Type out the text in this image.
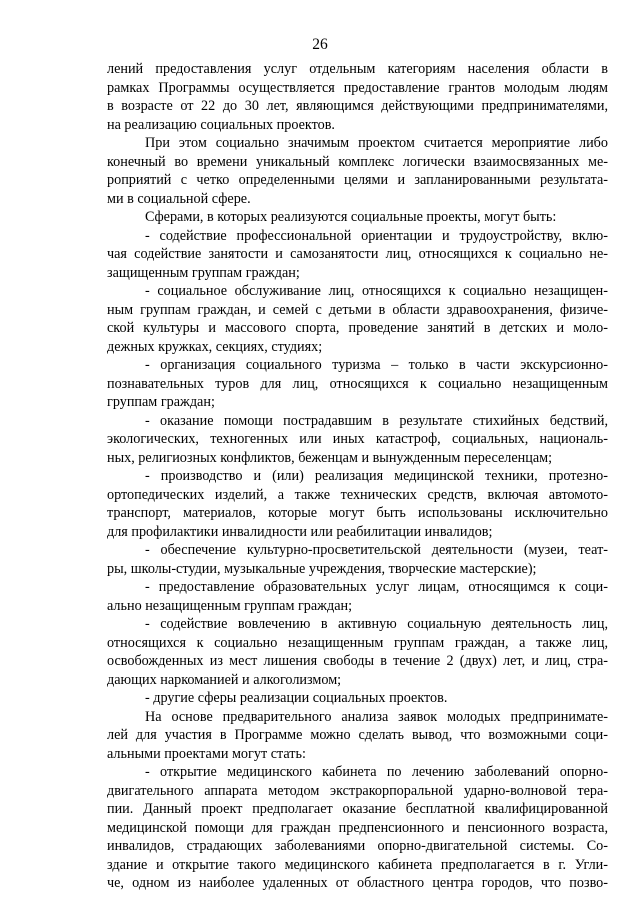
26

лений предоставления услуг отдельным категориям населения области в

рамках Программы осуществляется предоставление грантов молодым людям

в возрасте от 22 до 30 лет, являющимся действующими предпринимателями,

на реализацию социальных проектов.

При этом социально значимым проектом считается мероприятие либо

конечный во времени уникальный комплекс логически взаимосвязанных ме-

роприятий с четко определенными целями и запланированными результата-

ми в социальной сфере.

Сферами, в которых реализуются социальные проекты, могут быть:

- содействие профессиональной ориентации и трудоустройству, вклю-

чая содействие занятости и самозанятости лиц, относящихся к социально не-

защищенным группам граждан;

- социальное обслуживание лиц, относящихся к социально незащищен-

ным группам граждан, и семей с детьми в области здравоохранения, физиче-

ской культуры и массового спорта, проведение занятий в детских и моло-

дежных кружках, секциях, студиях;

- организация социального туризма – только в части экскурсионно-

познавательных туров для лиц, относящихся к социально незащищенным

группам граждан;

- оказание помощи пострадавшим в результате стихийных бедствий,

экологических, техногенных или иных катастроф, социальных, националь-

ных, религиозных конфликтов, беженцам и вынужденным переселенцам;

- производство и (или) реализация медицинской техники, протезно-

ортопедических изделий, а также технических средств, включая автомото-

транспорт, материалов, которые могут быть использованы исключительно

для профилактики инвалидности или реабилитации инвалидов;

- обеспечение культурно-просветительской деятельности (музеи, теат-

ры, школы-студии, музыкальные учреждения, творческие мастерские);

- предоставление образовательных услуг лицам, относящимся к соци-

ально незащищенным группам граждан;

- содействие вовлечению в активную социальную деятельность лиц,

относящихся к социально незащищенным группам граждан, а также лиц,

освобожденных из мест лишения свободы в течение 2 (двух) лет, и лиц, стра-

дающих наркоманией и алкоголизмом;

- другие сферы реализации социальных проектов.

На основе предварительного анализа заявок молодых предпринимате-

лей для участия в Программе можно сделать вывод, что возможными соци-

альными проектами могут стать:

- открытие медицинского кабинета по лечению заболеваний опорно-

двигательного аппарата методом экстракорпоральной ударно-волновой тера-

пии. Данный проект предполагает оказание бесплатной квалифицированной

медицинской помощи для граждан предпенсионного и пенсионного возраста,

инвалидов, страдающих заболеваниями опорно-двигательной системы. Со-

здание и открытие такого медицинского кабинета предполагается в г. Угли-

че, одном из наиболее удаленных от областного центра городов, что позво-
